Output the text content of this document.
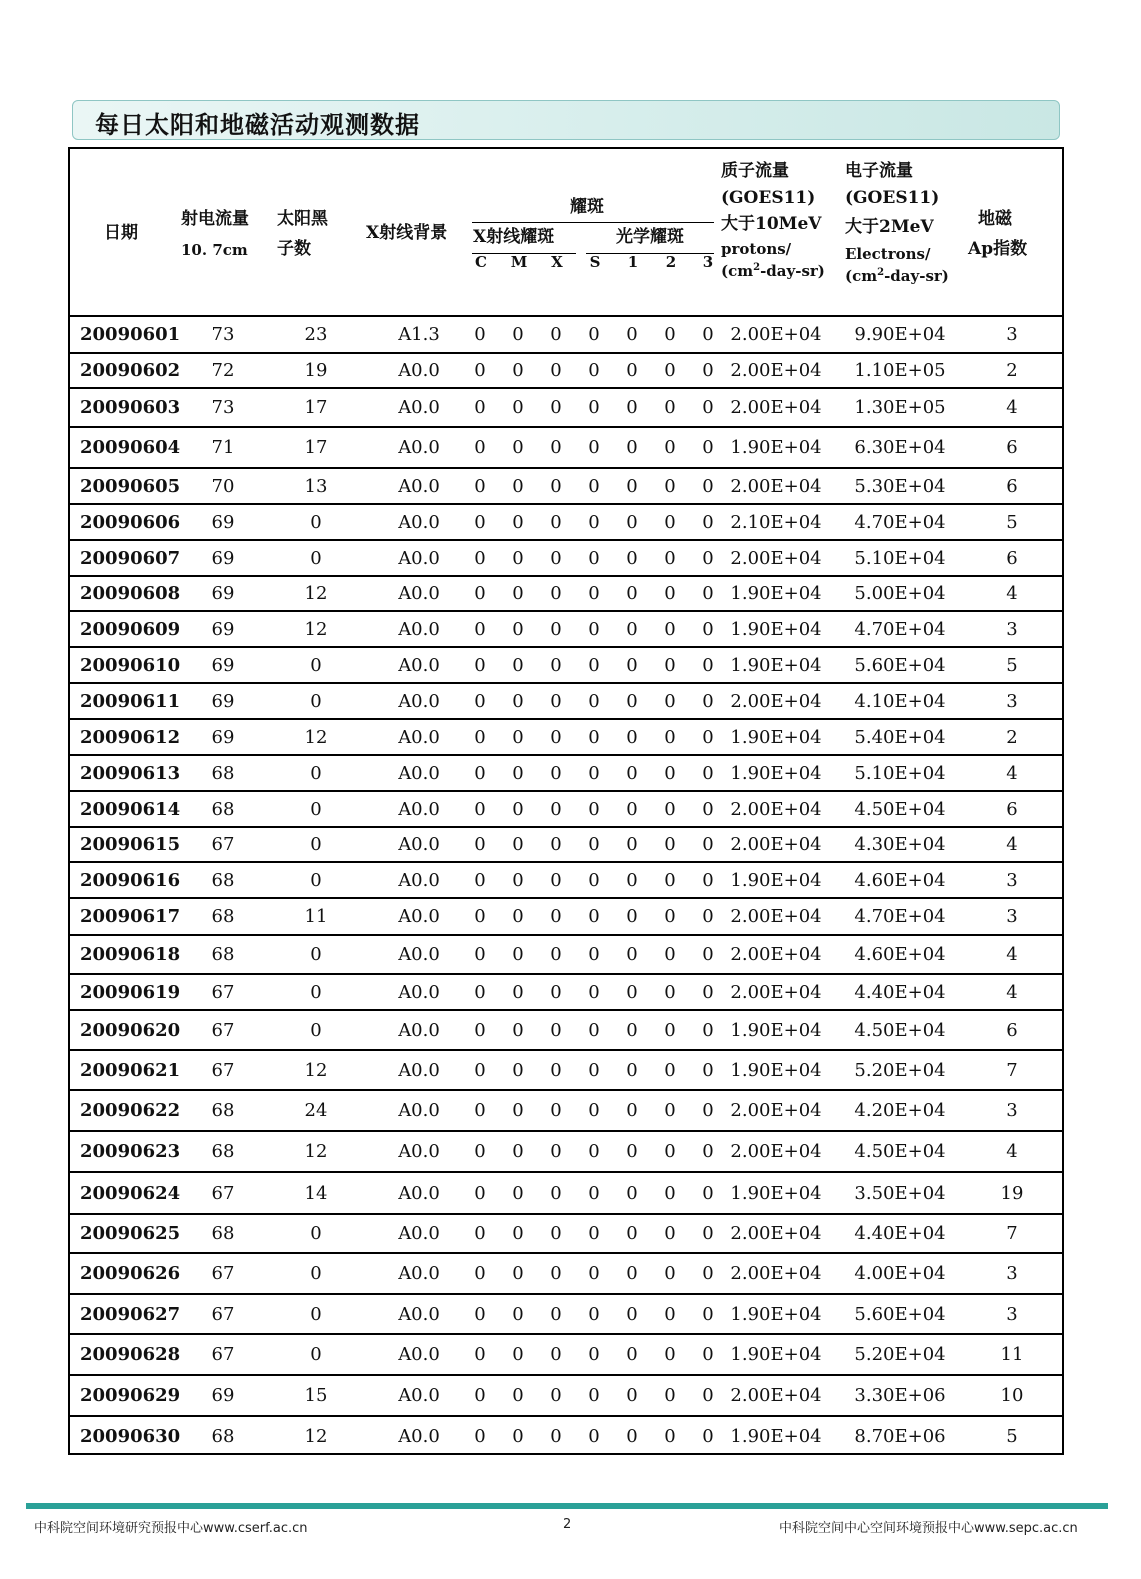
每日太阳和地磁活动观测数据
日期
射电流量
10. 7cm
太阳黑
子数
X射线背景
耀斑
X射线耀斑	光学耀斑
C	M	X	S	1	2	3
质子流量
(GOES11)
大于10MeV
protons/
$(cm^2-day-sr)$
电子流量
(GOES11)
大于2MeV
Electrons/
$(cm^2-day-sr)$
地磁
Ap指数
20090601	73	23	A1.3	0	0	0	0	0	0	0 2.00E+04	9.90E+04	3
20090602	72	19	A0.0	0	0	0	0	0	0	0 2.00E+04	1.10E+05	2
20090603	73	17	A0.0	0	0	0	0	0	0	0 2.00E+04	1.30E+05	4
20090604	71	17	A0.0	0	0	0	0	0	0	0 1.90E+04	6.30E+04	6
20090605	70	13	A0.0	0	0	0	0	0	0	0 2.00E+04	5.30E+04	6
20090606	69	0	A0.0	0	0	0	0	0	0	0 2.10E+04	4.70E+04	5
20090607	69	0	A0.0	0	0	0	0	0	0	0 2.00E+04	5.10E+04	6
20090608	69	12	A0.0	0	0	0	0	0	0	0 1.90E+04	5.00E+04	4
20090609	69	12	A0.0	0	0	0	0	0	0	0 1.90E+04	4.70E+04	3
20090610	69	0	A0.0	0	0	0	0	0	0	0 1.90E+04	5.60E+04	5
20090611	69	0	A0.0	0	0	0	0	0	0	0 2.00E+04	4.10E+04	3
20090612	69	12	A0.0	0	0	0	0	0	0	0 1.90E+04	5.40E+04	2
20090613	68	0	A0.0	0	0	0	0	0	0	0 1.90E+04	5.10E+04	4
20090614	68	0	A0.0	0	0	0	0	0	0	0 2.00E+04	4.50E+04	6
20090615	67	0	A0.0	0	0	0	0	0	0	0 2.00E+04	4.30E+04	4
20090616	68	0	A0.0	0	0	0	0	0	0	0 1.90E+04	4.60E+04	3
20090617	68	11	A0.0	0	0	0	0	0	0	0 2.00E+04	4.70E+04	3
20090618	68	0	A0.0	0	0	0	0	0	0	0 2.00E+04	4.60E+04	4
20090619	67	0	A0.0	0	0	0	0	0	0	0 2.00E+04	4.40E+04	4
20090620	67	0	A0.0	0	0	0	0	0	0	0 1.90E+04	4.50E+04	6
20090621	67	12	A0.0	0	0	0	0	0	0	0 1.90E+04	5.20E+04	7
20090622	68	24	A0.0	0	0	0	0	0	0	0 2.00E+04	4.20E+04	3
20090623	68	12	A0.0	0	0	0	0	0	0	0 2.00E+04	4.50E+04	4
20090624	67	14	A0.0	0	0	0	0	0	0	0 1.90E+04	3.50E+04	19
20090625	68	0	A0.0	0	0	0	0	0	0	0 2.00E+04	4.40E+04	7
20090626	67	0	A0.0	0	0	0	0	0	0	0 2.00E+04	4.00E+04	3
20090627	67	0	A0.0	0	0	0	0	0	0	0 1.90E+04	5.60E+04	3
20090628	67	0	A0.0	0	0	0	0	0	0	0 1.90E+04	5.20E+04	11
20090629	69	15	A0.0	0	0	0	0	0	0	0 2.00E+04	3.30E+06	10
20090630	68	12	A0.0	0	0	0	0	0	0	0 1.90E+04	8.70E+06	5
中科院空间环境研究预报中心www.cserf.ac.cn	2	中科院空间中心空间环境预报中心www.sepc.ac.cn
